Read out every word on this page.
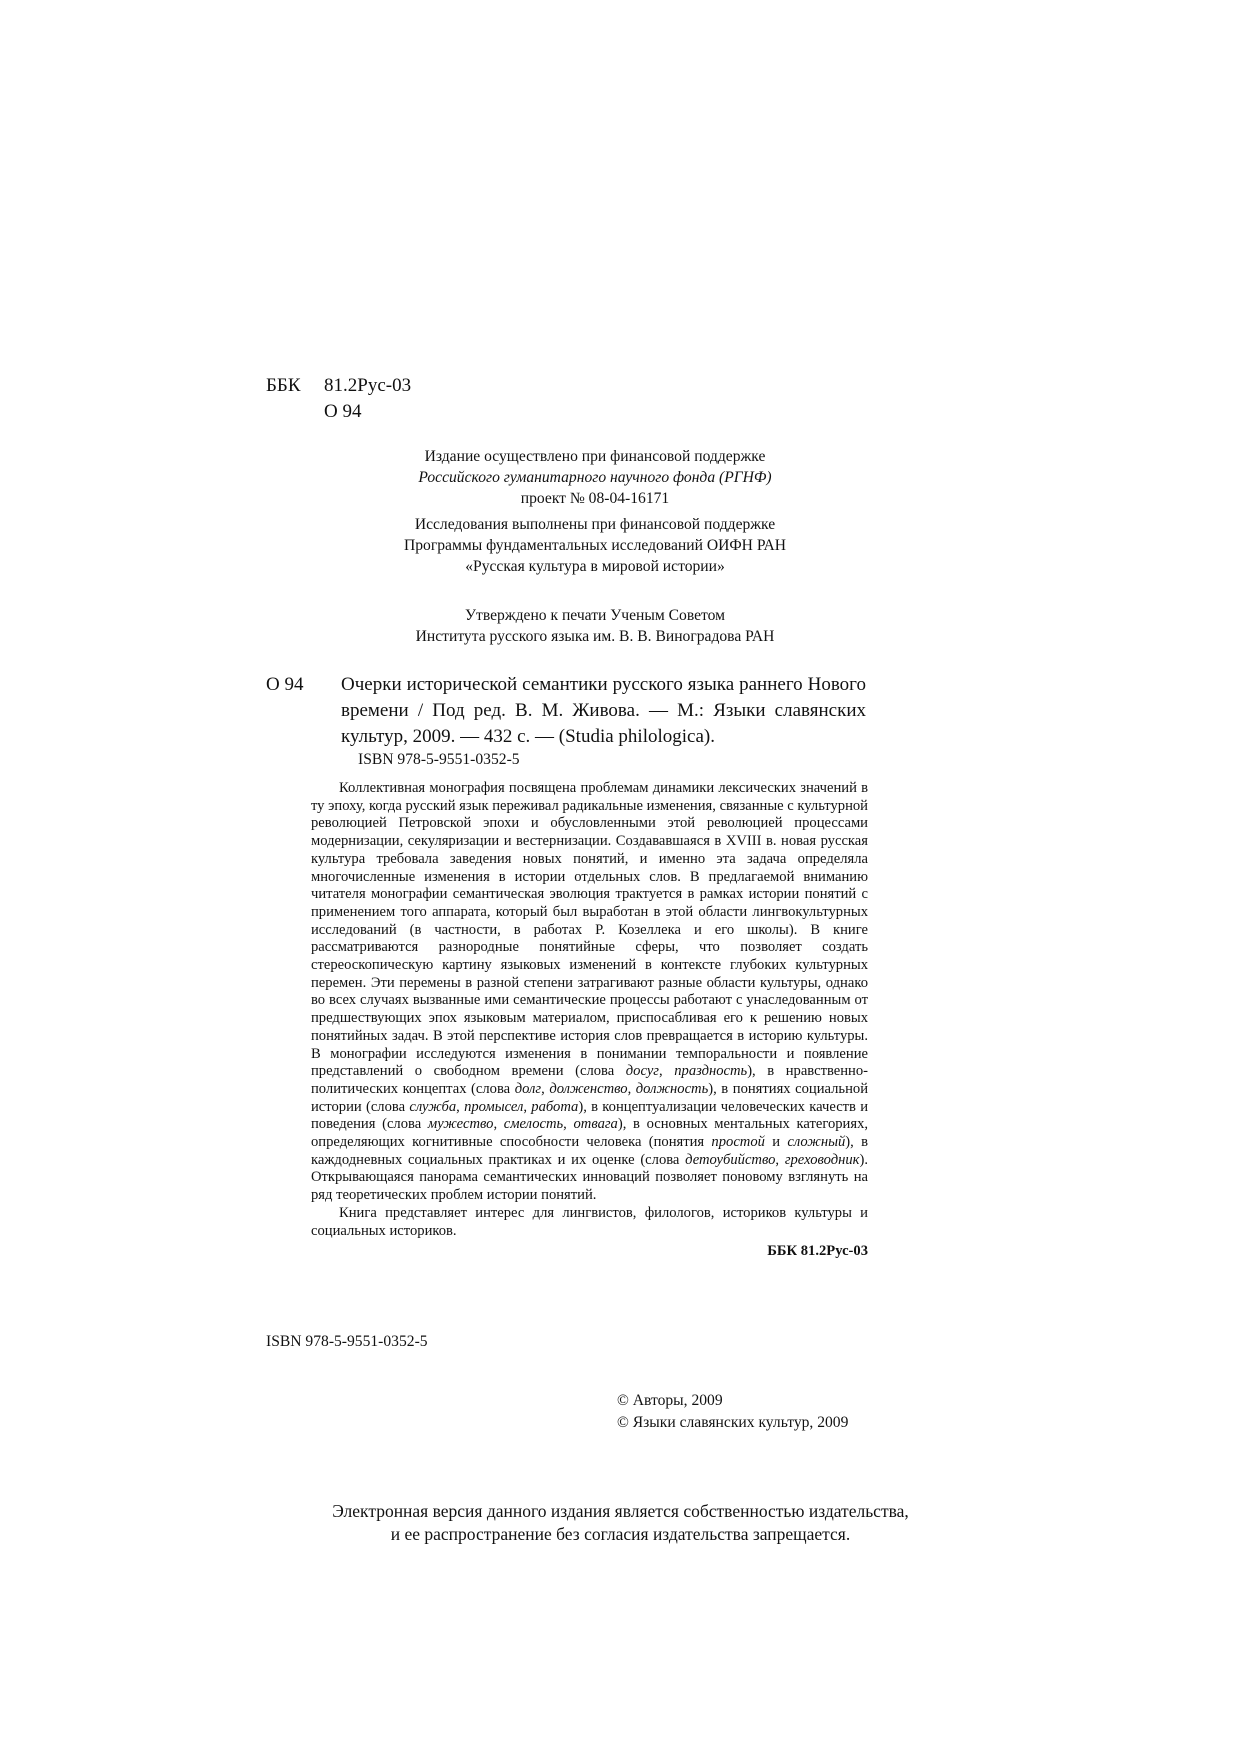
ББК 81.2Рус-03
О 94
Издание осуществлено при финансовой поддержке
Российского гуманитарного научного фонда (РГНФ)
проект № 08-04-16171
Исследования выполнены при финансовой поддержке
Программы фундаментальных исследований ОИФН РАН
«Русская культура в мировой истории»
Утверждено к печати Ученым Советом
Института русского языка им. В. В. Виноградова РАН
О 94 Очерки исторической семантики русского языка раннего Нового времени / Под ред. В. М. Живова. — М.: Языки славянских культур, 2009. — 432 с. — (Studia philologica).
ISBN 978-5-9551-0352-5

Коллективная монография посвящена проблемам динамики лексических значений в ту эпоху, когда русский язык переживал радикальные изменения, связанные с культурной революцией Петровской эпохи и обусловленными этой революцией процессами модернизации, секуляризации и вестернизации. Создававшаяся в XVIII в. новая русская культура требовала заведения новых понятий, и именно эта задача определяла многочисленные изменения в истории отдельных слов. В предлагаемой вниманию читателя монографии семантическая эволюция трактуется в рамках истории понятий с применением того аппарата, который был выработан в этой области лингвокультурных исследований (в частности, в работах Р. Козеллека и его школы). В книге рассматриваются разнородные понятийные сферы, что позволяет создать стереоскопическую картину языковых изменений в контексте глубоких культурных перемен. Эти перемены в разной степени затрагивают разные области культуры, однако во всех случаях вызванные ими семантические процессы работают с унаследованным от предшествующих эпох языковым материалом, приспосабливая его к решению новых понятийных задач. В этой перспективе история слов превращается в историю культуры. В монографии исследуются изменения в понимании темпоральности и появление представлений о свободном времени (слова досуг, праздность), в нравственно-политических концептах (слова долг, долженство, должность), в понятиях социальной истории (слова служба, промысел, работа), в концептуализации человеческих качеств и поведения (слова мужество, смелость, отвага), в основных ментальных категориях, определяющих когнитивные способности человека (понятия простой и сложный), в каждодневных социальных практиках и их оценке (слова детоубийство, греховодник). Открывающаяся панорама семантических инноваций позволяет поновому взглянуть на ряд теоретических проблем истории понятий.

Книга представляет интерес для лингвистов, филологов, историков культуры и социальных историков.

ББК 81.2Рус-03
ISBN 978-5-9551-0352-5
© Авторы, 2009
© Языки славянских культур, 2009
Электронная версия данного издания является собственностью издательства,
и ее распространение без согласия издательства запрещается.
